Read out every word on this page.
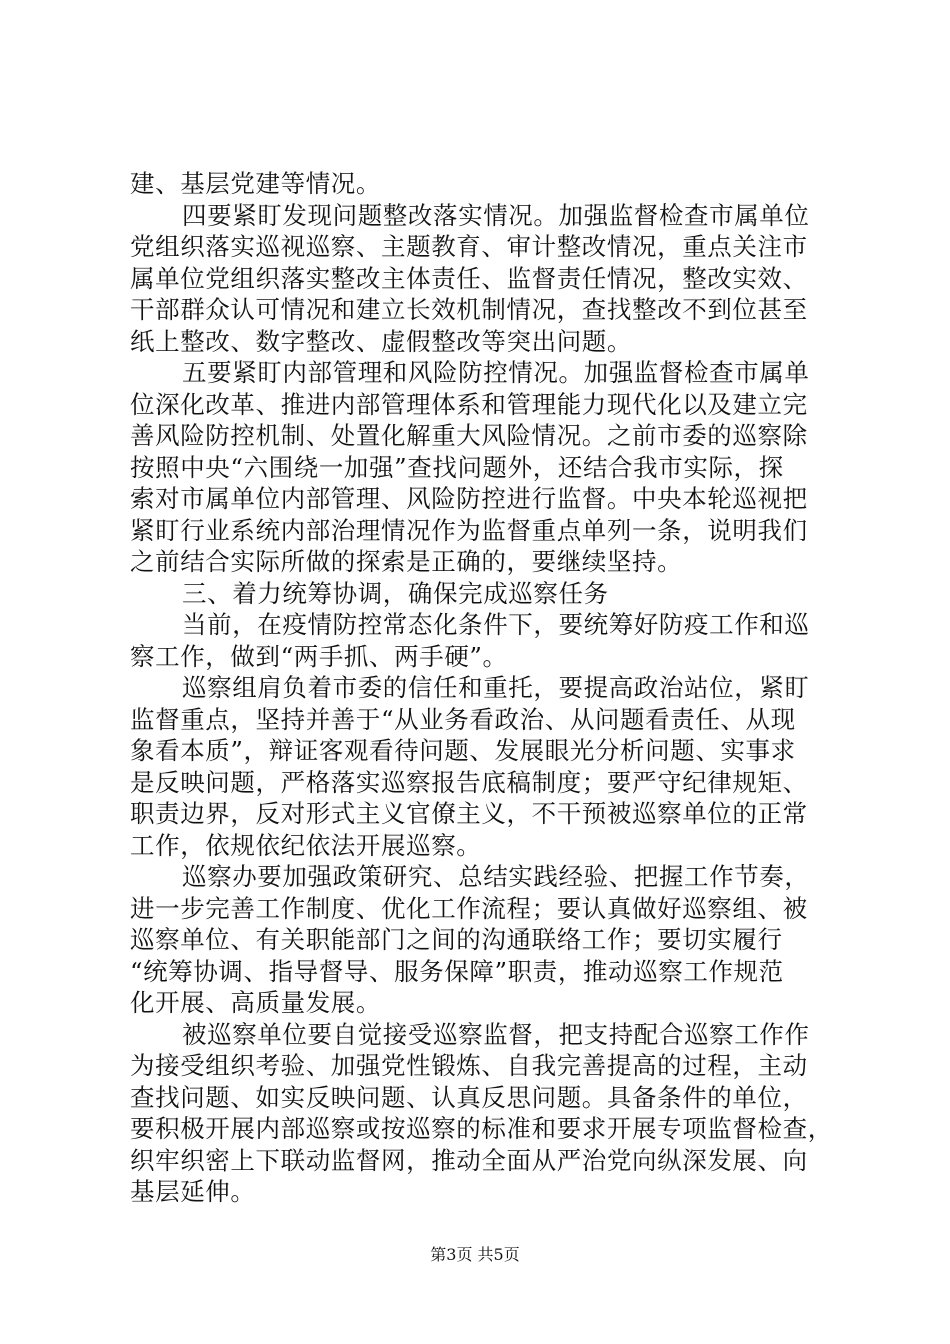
建、基层党建等情况。
四要紧盯发现问题整改落实情况。加强监督检查市属单位
党组织落实巡视巡察、主题教育、审计整改情况，重点关注市
属单位党组织落实整改主体责任、监督责任情况，整改实效、
干部群众认可情况和建立长效机制情况，查找整改不到位甚至
纸上整改、数字整改、虚假整改等突出问题。
五要紧盯内部管理和风险防控情况。加强监督检查市属单
位深化改革、推进内部管理体系和管理能力现代化以及建立完
善风险防控机制、处置化解重大风险情况。之前市委的巡察除
按照中央“六围绕一加强”查找问题外，还结合我市实际，探
索对市属单位内部管理、风险防控进行监督。中央本轮巡视把
紧盯行业系统内部治理情况作为监督重点单列一条，说明我们
之前结合实际所做的探索是正确的，要继续坚持。
三、着力统筹协调，确保完成巡察任务
当前，在疫情防控常态化条件下，要统筹好防疫工作和巡
察工作，做到“两手抓、两手硬”。
巡察组肩负着市委的信任和重托，要提高政治站位，紧盯
监督重点，坚持并善于“从业务看政治、从问题看责任、从现
象看本质”，辩证客观看待问题、发展眼光分析问题、实事求
是反映问题，严格落实巡察报告底稿制度；要严守纪律规矩、
职责边界，反对形式主义官僚主义，不干预被巡察单位的正常
工作，依规依纪依法开展巡察。
巡察办要加强政策研究、总结实践经验、把握工作节奏，
进一步完善工作制度、优化工作流程；要认真做好巡察组、被
巡察单位、有关职能部门之间的沟通联络工作；要切实履行
“统筹协调、指导督导、服务保障”职责，推动巡察工作规范
化开展、高质量发展。
被巡察单位要自觉接受巡察监督，把支持配合巡察工作作
为接受组织考验、加强党性锻炼、自我完善提高的过程，主动
查找问题、如实反映问题、认真反思问题。具备条件的单位，
要积极开展内部巡察或按巡察的标准和要求开展专项监督检查，
织牢织密上下联动监督网，推动全面从严治党向纵深发展、向
基层延伸。
第3页 共5页
